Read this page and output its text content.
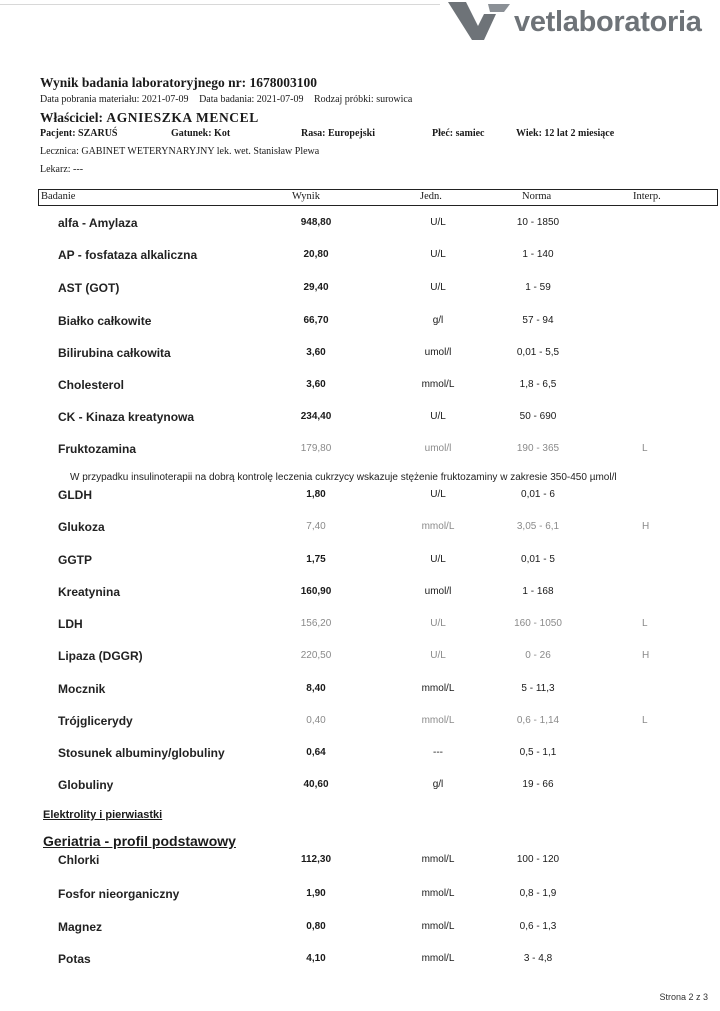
vetlaboratoria
Wynik badania laboratoryjnego nr: 1678003100
Data pobrania materiału: 2021-07-09 Data badania: 2021-07-09 Rodzaj próbki: surowica
Właściciel: AGNIESZKA MENCEL
Pacjent: SZARUŚ	Gatunek: Kot	Rasa: Europejski	Płeć: samiec	Wiek: 12 lat 2 miesiące
Lecznica: GABINET WETERYNARYJNY lek. wet. Stanisław Plewa
Lekarz: ---
Badanie	Wynik	Jedn.	Norma	Interp.
alfa - Amylaza	948,80	U/L	10 - 1850
AP - fosfataza alkaliczna	20,80	U/L	1 - 140
AST (GOT)	29,40	U/L	1 - 59
Białko całkowite	66,70	g/l	57 - 94
Bilirubina całkowita	3,60	umol/l	0,01 - 5,5
Cholesterol	3,60	mmol/L	1,8 - 6,5
CK - Kinaza kreatynowa	234,40	U/L	50 - 690
Fruktozamina	179,80	umol/l	190 - 365	L
GLDH	1,80	U/L	0,01 - 6
Glukoza	7,40	mmol/L	3,05 - 6,1	H
GGTP	1,75	U/L	0,01 - 5
Kreatynina	160,90	umol/l	1 - 168
LDH	156,20	U/L	160 - 1050	L
Lipaza (DGGR)	220,50	U/L	0 - 26	H
Mocznik	8,40	mmol/L	5 - 11,3
Trójglicerydy	0,40	mmol/L	0,6 - 1,14	L
Stosunek albuminy/globuliny	0,64	---	0,5 - 1,1
Globuliny	40,60	g/l	19 - 66
Chlorki	112,30	mmol/L	100 - 120
Fosfor nieorganiczny	1,90	mmol/L	0,8 - 1,9
Magnez	0,80	mmol/L	0,6 - 1,3
Potas	4,10	mmol/L	3 - 4,8
W przypadku insulinoterapii na dobrą kontrolę leczenia cukrzycy wskazuje stężenie fruktozaminy w zakresie 350-450 µmol/l
Elektrolity i pierwiastki
Geriatria - profil podstawowy
Strona 2 z 3
